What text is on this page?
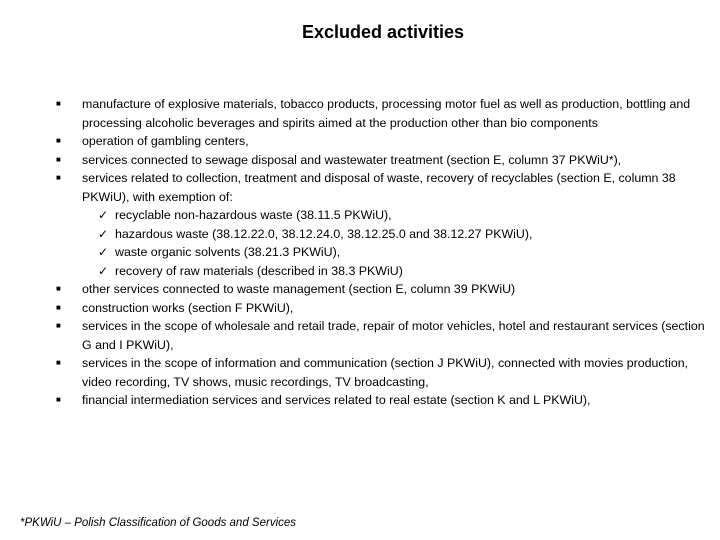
Excluded activities
■ manufacture of explosive materials, tobacco products, processing motor fuel as well as production, bottling and processing alcoholic beverages and spirits aimed at the production other than bio components
■ operation of gambling centers,
■ services connected to sewage disposal and wastewater treatment (section E, column 37 PKWiU*),
■ services related to collection, treatment and disposal of waste, recovery of recyclables (section E, column 38 PKWiU), with exemption of:
✓ recyclable non-hazardous waste (38.11.5 PKWiU),
✓ hazardous waste (38.12.22.0, 38.12.24.0, 38.12.25.0 and 38.12.27 PKWiU),
✓ waste organic solvents (38.21.3 PKWiU),
✓ recovery of raw materials (described in 38.3 PKWiU)
■ other services connected to waste management (section E, column 39 PKWiU)
■ construction works (section F PKWiU),
■ services in the scope of wholesale and retail trade, repair of motor vehicles, hotel and restaurant services (section G and I PKWiU),
■ services in the scope of information and communication (section J PKWiU), connected with movies production, video recording, TV shows, music recordings, TV broadcasting,
■ financial intermediation services and services related to real estate (section K and L PKWiU),
*PKWiU – Polish Classification of Goods and Services
